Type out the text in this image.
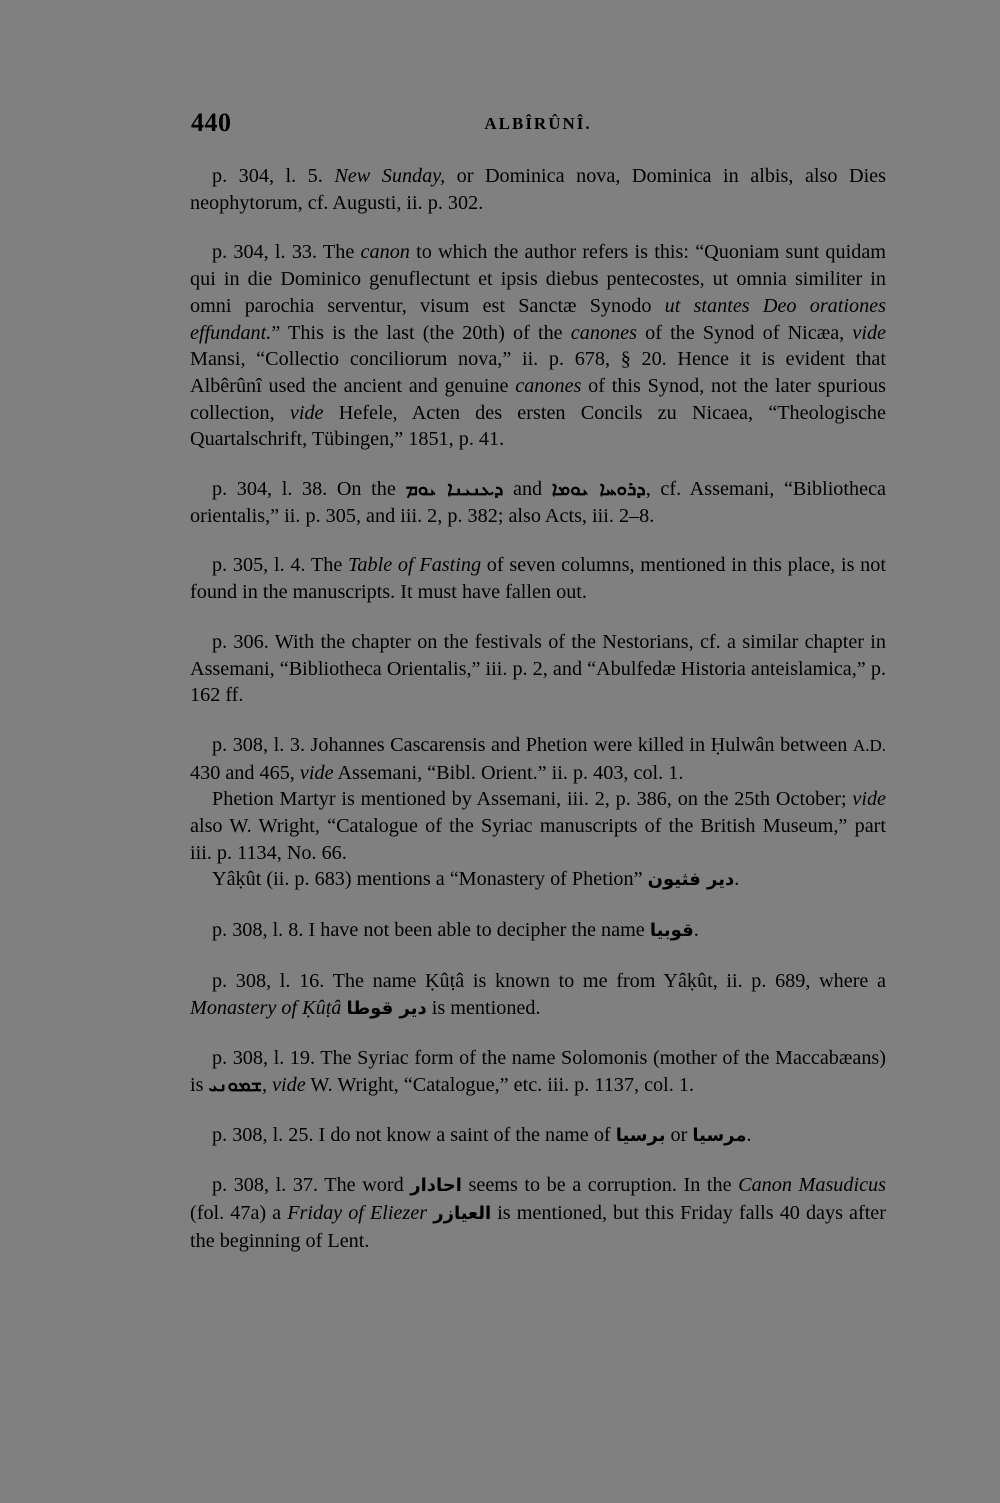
440	ALBÎRÛNÎ.

p. 304, l. 5. New Sunday, or Dominica nova, Dominica in albis, also Dies neophytorum, cf. Augusti, ii. p. 302.

p. 304, l. 33. The canon to which the author refers is this: “Quoniam sunt quidam qui in die Dominico genuflectunt et ipsis diebus pentecostes, ut omnia similiter in omni parochia serventur, visum est Sanctæ Synodo ut stantes Deo orationes effundant.” This is the last (the 20th) of the canones of the Synod of Nicæa, vide Mansi, “Collectio conciliorum nova,” ii. p. 678, § 20. Hence it is evident that Albêrûnî used the ancient and genuine canones of this Synod, not the later spurious collection, vide Hefele, Acten des ersten Concils zu Nicaea, “Theologische Quartalschrift, Tübingen,” 1851, p. 41.

p. 304, l. 38. On the ܕܥܢܝܢܐ ܝܘܡ and ܕܪܘܚܐ ܝܘܡܐ, cf. Assemani, “Bibliotheca orientalis,” ii. p. 305, and iii. 2, p. 382; also Acts, iii. 2–8.

p. 305, l. 4. The Table of Fasting of seven columns, mentioned in this place, is not found in the manuscripts. It must have fallen out.

p. 306. With the chapter on the festivals of the Nestorians, cf. a similar chapter in Assemani, “Bibliotheca Orientalis,” iii. p. 2, and “Abulfedæ Historia anteislamica,” p. 162 ff.

p. 308, l. 3. Johannes Cascarensis and Phetion were killed in Ḥulwân between A.D. 430 and 465, vide Assemani, “Bibl. Orient.” ii. p. 403, col. 1.

Phetion Martyr is mentioned by Assemani, iii. 2, p. 386, on the 25th October; vide also W. Wright, “Catalogue of the Syriac manuscripts of the British Museum,” part iii. p. 1134, No. 66.

Yâḳût (ii. p. 683) mentions a “Monastery of Phetion” دير فثيون.

p. 308, l. 8. I have not been able to decipher the name قوبيا.

p. 308, l. 16. The name Ḳûṭâ is known to me from Yâḳût, ii. p. 689, where a Monastery of Ḳûṭâ دير قوطا is mentioned.

p. 308, l. 19. The Syriac form of the name Solomonis (mother of the Maccabæans) is ܫܡܘܢܝ, vide W. Wright, “Catalogue,” etc. iii. p. 1137, col. 1.

p. 308, l. 25. I do not know a saint of the name of برسيا or مرسيا.

p. 308, l. 37. The word احادار seems to be a corruption. In the Canon Masudicus (fol. 47a) a Friday of Eliezer العيازر is mentioned, but this Friday falls 40 days after the beginning of Lent.
